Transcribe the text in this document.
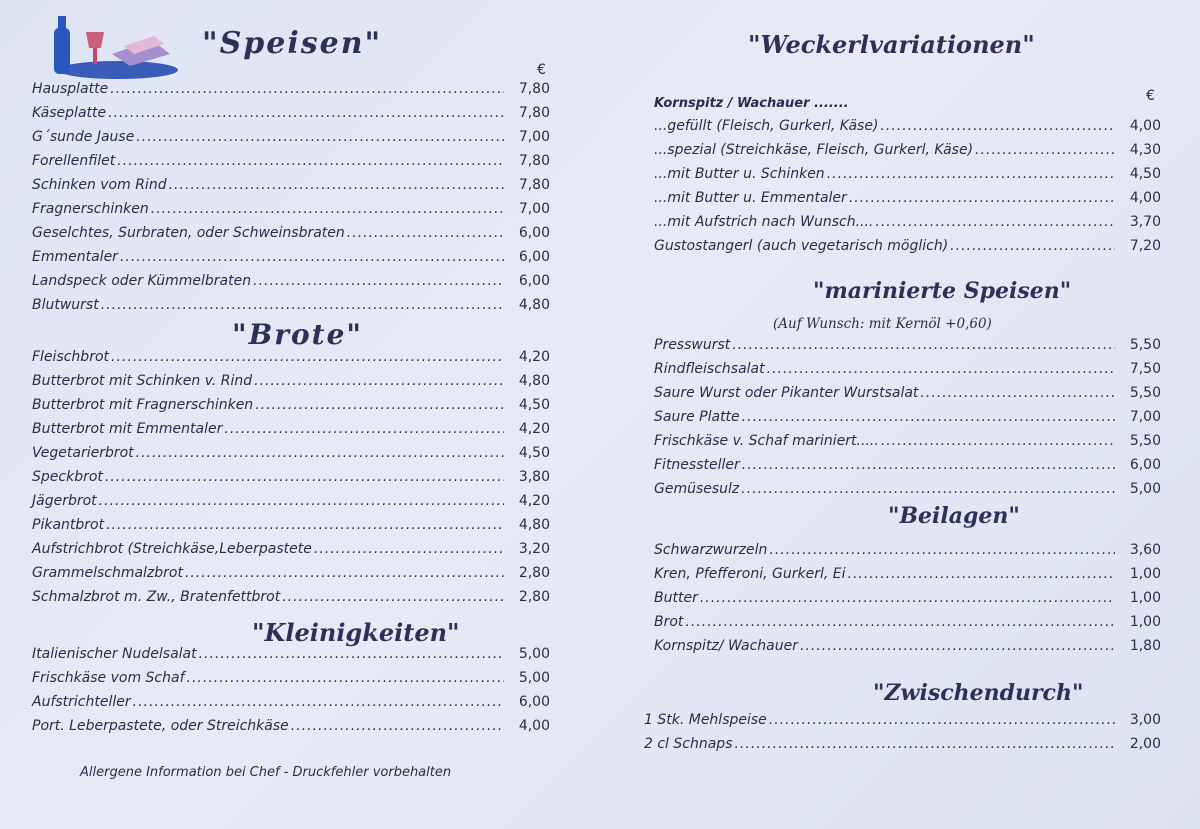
"Speisen"
€
Hausplatte .....	7,80
Käseplatte .....	7,80
G´sunde Jause .....	7,00
Forellenfilet .....	7,80
Schinken vom Rind .....	7,80
Fragnerschinken .....	7,00
Geselchtes, Surbraten, oder Schweinsbraten .....	6,00
Emmentaler .....	6,00
Landspeck oder Kümmelbraten .....	6,00
Blutwurst .....	4,80
"Brote"
Fleischbrot .....	4,20
Butterbrot mit Schinken v. Rind .....	4,80
Butterbrot mit Fragnerschinken .....	4,50
Butterbrot mit Emmentaler .....	4,20
Vegetarierbrot .....	4,50
Speckbrot .....	3,80
Jägerbrot .....	4,20
Pikantbrot .....	4,80
Aufstrichbrot (Streichkäse,Leberpastete .....	3,20
Grammelschmalzbrot .....	2,80
Schmalzbrot m. Zw., Bratenfettbrot .....	2,80
"Kleinigkeiten"
Italienischer Nudelsalat .....	5,00
Frischkäse vom Schaf .....	5,00
Aufstrichteller .....	6,00
Port. Leberpastete, oder Streichkäse .....	4,00
Allergene Information bei Chef - Druckfehler vorbehalten
"Weckerlvariationen"
Kornspitz / Wachauer .......	€
...gefüllt (Fleisch, Gurkerl, Käse) .....	4,00
...spezial (Streichkäse, Fleisch, Gurkerl, Käse) .....	4,30
...mit Butter u. Schinken .....	4,50
...mit Butter u. Emmentaler .....	4,00
...mit Aufstrich nach Wunsch.... .....	3,70
Gustostangerl (auch vegetarisch möglich) .....	7,20
"marinierte Speisen"
(Auf Wunsch: mit Kernöl +0,60)
Presswurst .....	5,50
Rindfleischsalat .....	7,50
Saure Wurst oder Pikanter Wurstsalat .....	5,50
Saure Platte .....	7,00
Frischkäse v. Schaf mariniert..... .....	5,50
Fitnessteller .....	6,00
Gemüsesulz .....	5,00
"Beilagen"
Schwarzwurzeln .....	3,60
Kren, Pfefferoni, Gurkerl, Ei .....	1,00
Butter .....	1,00
Brot .....	1,00
Kornspitz/ Wachauer .....	1,80
"Zwischendurch"
1 Stk. Mehlspeise .....	3,00
2 cl Schnaps .....	2,00
